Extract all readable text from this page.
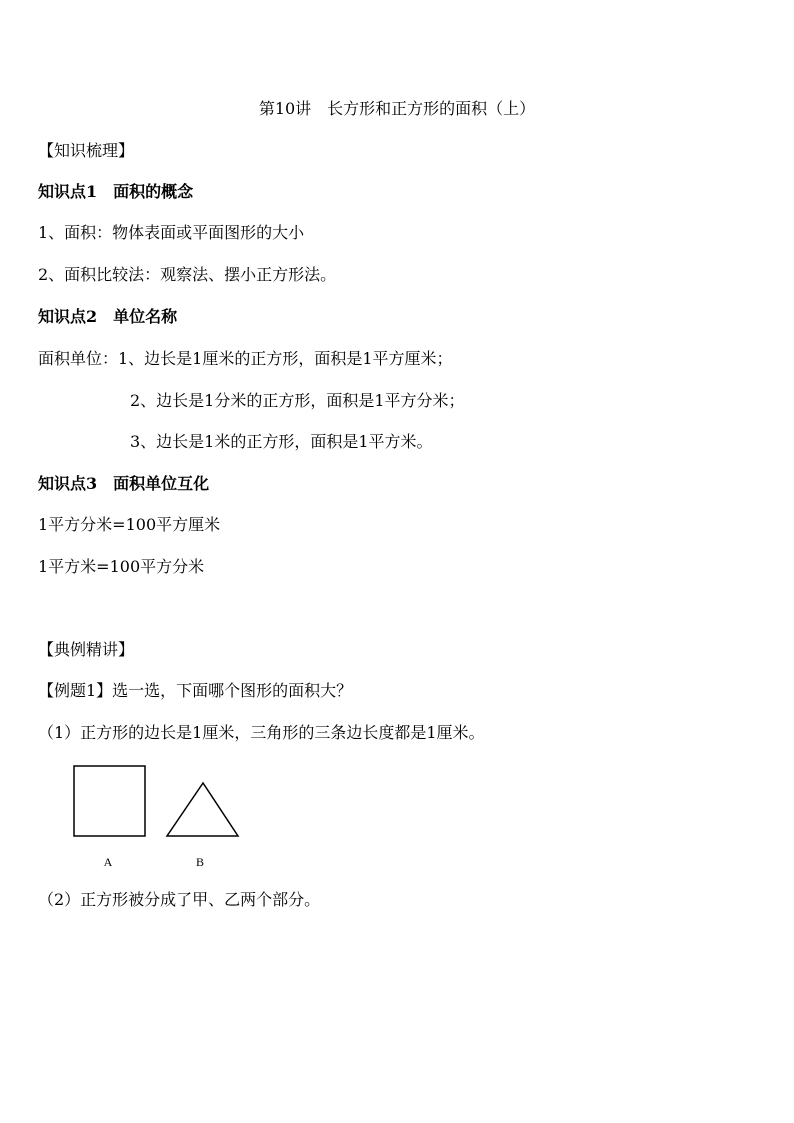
第10讲　长方形和正方形的面积（上）
【知识梳理】
知识点1　面积的概念
1、面积：物体表面或平面图形的大小
2、面积比较法：观察法、摆小正方形法。
知识点2　单位名称
面积单位：1、边长是1厘米的正方形，面积是1平方厘米；
2、边长是1分米的正方形，面积是1平方分米；
3、边长是1米的正方形，面积是1平方米。
知识点3　面积单位互化
1平方分米=100平方厘米
1平方米=100平方分米
【典例精讲】
【例题1】选一选，下面哪个图形的面积大？
（1）正方形的边长是1厘米，三角形的三条边长度都是1厘米。
A	B
（2）正方形被分成了甲、乙两个部分。
